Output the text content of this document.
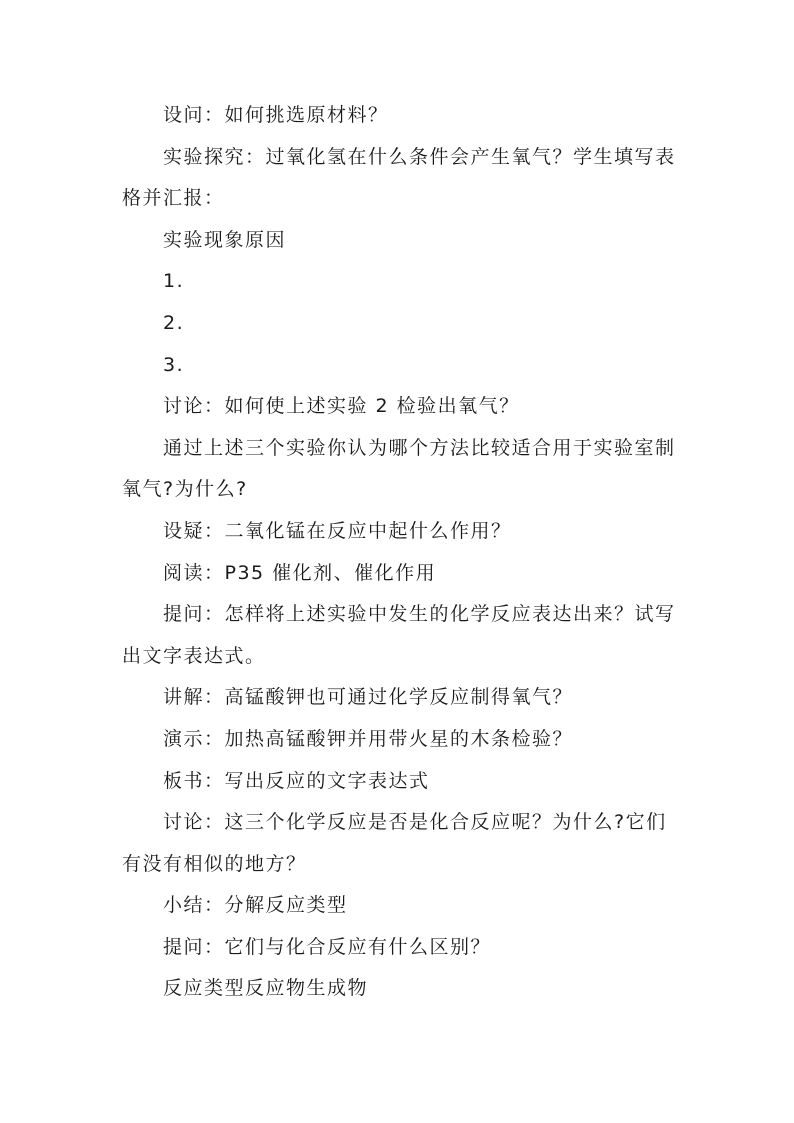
设问：如何挑选原材料？

实验探究：过氧化氢在什么条件会产生氧气？学生填写表格并汇报：

实验现象原因

1.

2.

3.

讨论：如何使上述实验 2 检验出氧气？

通过上述三个实验你认为哪个方法比较适合用于实验室制氧气?为什么?

设疑：二氧化锰在反应中起什么作用？

阅读：P35 催化剂、催化作用

提问：怎样将上述实验中发生的化学反应表达出来？试写出文字表达式。

讲解：高锰酸钾也可通过化学反应制得氧气？

演示：加热高锰酸钾并用带火星的木条检验？

板书：写出反应的文字表达式

讨论：这三个化学反应是否是化合反应呢？为什么?它们有没有相似的地方？

小结：分解反应类型

提问：它们与化合反应有什么区别？

反应类型反应物生成物
